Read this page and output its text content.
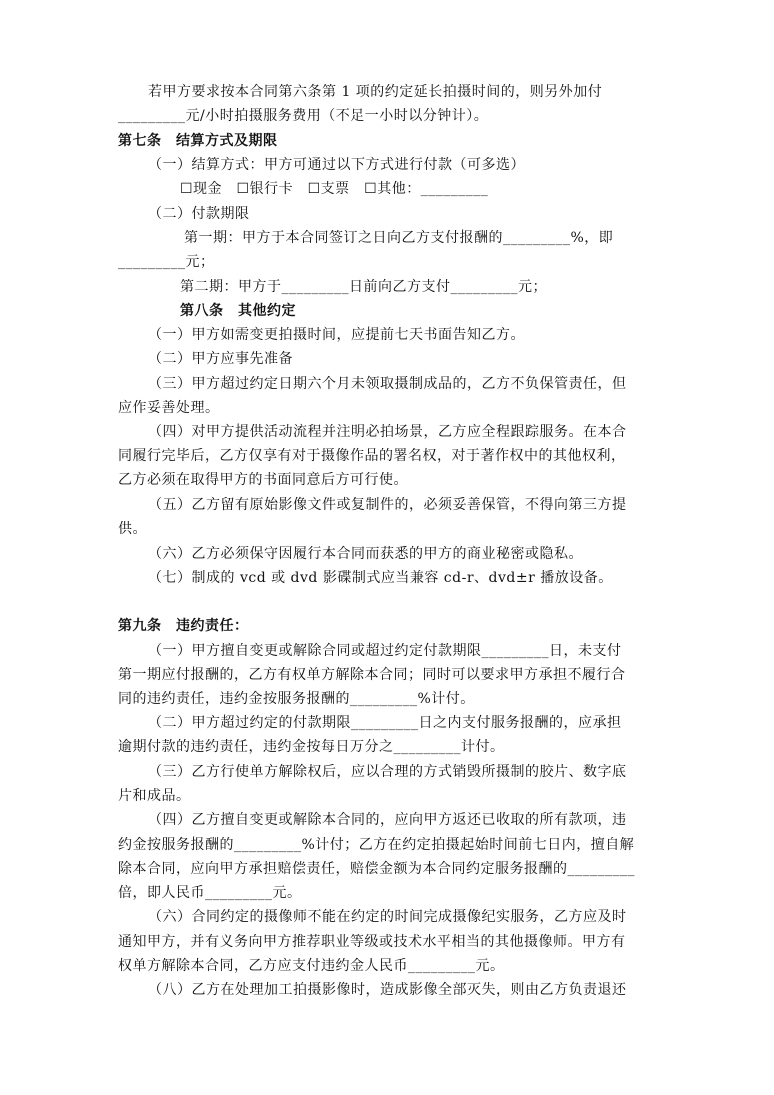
若甲方要求按本合同第六条第 1 项的约定延长拍摄时间的，则另外加付
_________元/小时拍摄服务费用（不足一小时以分钟计）。
第七条　结算方式及期限
（一）结算方式：甲方可通过以下方式进行付款（可多选）
☐现金　☐银行卡　☐支票　☐其他：_________
（二）付款期限
第一期：甲方于本合同签订之日向乙方支付报酬的_________%，即
_________元；
第二期：甲方于_________日前向乙方支付_________元；
第八条　其他约定
（一）甲方如需变更拍摄时间，应提前七天书面告知乙方。
（二）甲方应事先准备
（三）甲方超过约定日期六个月未领取摄制成品的，乙方不负保管责任，但
应作妥善处理。
（四）对甲方提供活动流程并注明必拍场景，乙方应全程跟踪服务。在本合
同履行完毕后，乙方仅享有对于摄像作品的署名权，对于著作权中的其他权利，
乙方必须在取得甲方的书面同意后方可行使。
（五）乙方留有原始影像文件或复制件的，必须妥善保管，不得向第三方提
供。
（六）乙方必须保守因履行本合同而获悉的甲方的商业秘密或隐私。
（七）制成的 vcd 或 dvd 影碟制式应当兼容 cd-r、dvd±r 播放设备。
第九条　违约责任：
（一）甲方擅自变更或解除合同或超过约定付款期限_________日，未支付
第一期应付报酬的，乙方有权单方解除本合同；同时可以要求甲方承担不履行合
同的违约责任，违约金按服务报酬的_________%计付。
（二）甲方超过约定的付款期限_________日之内支付服务报酬的，应承担
逾期付款的违约责任，违约金按每日万分之_________计付。
（三）乙方行使单方解除权后，应以合理的方式销毁所摄制的胶片、数字底
片和成品。
（四）乙方擅自变更或解除本合同的，应向甲方返还已收取的所有款项，违
约金按服务报酬的_________%计付；乙方在约定拍摄起始时间前七日内，擅自解
除本合同，应向甲方承担赔偿责任，赔偿金额为本合同约定服务报酬的_________
倍，即人民币_________元。
（六）合同约定的摄像师不能在约定的时间完成摄像纪实服务，乙方应及时
通知甲方，并有义务向甲方推荐职业等级或技术水平相当的其他摄像师。甲方有
权单方解除本合同，乙方应支付违约金人民币_________元。
（八）乙方在处理加工拍摄影像时，造成影像全部灭失，则由乙方负责退还
